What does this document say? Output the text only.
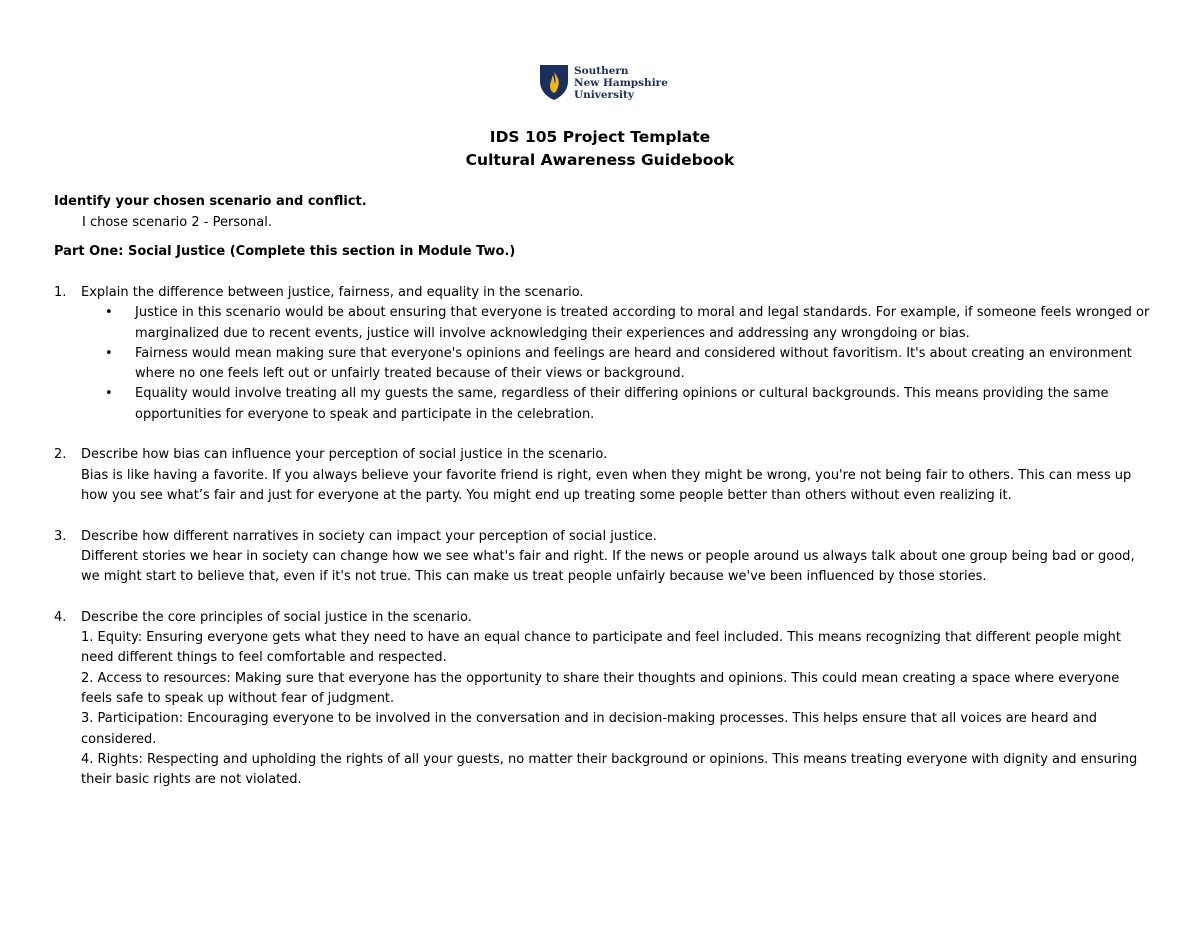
Southern
New Hampshire
University
IDS 105 Project Template
Cultural Awareness Guidebook
Identify your chosen scenario and conflict.
I chose scenario 2 - Personal.
Part One: Social Justice (Complete this section in Module Two.)
1. Explain the difference between justice, fairness, and equality in the scenario.
• Justice in this scenario would be about ensuring that everyone is treated according to moral and legal standards. For example, if someone feels wronged or marginalized due to recent events, justice will involve acknowledging their experiences and addressing any wrongdoing or bias.
• Fairness would mean making sure that everyone's opinions and feelings are heard and considered without favoritism. It's about creating an environment where no one feels left out or unfairly treated because of their views or background.
• Equality would involve treating all my guests the same, regardless of their differing opinions or cultural backgrounds. This means providing the same opportunities for everyone to speak and participate in the celebration.
2. Describe how bias can influence your perception of social justice in the scenario.
Bias is like having a favorite. If you always believe your favorite friend is right, even when they might be wrong, you're not being fair to others. This can mess up how you see what’s fair and just for everyone at the party. You might end up treating some people better than others without even realizing it.
3. Describe how different narratives in society can impact your perception of social justice.
Different stories we hear in society can change how we see what's fair and right. If the news or people around us always talk about one group being bad or good, we might start to believe that, even if it's not true. This can make us treat people unfairly because we've been influenced by those stories.
4. Describe the core principles of social justice in the scenario.
1. Equity: Ensuring everyone gets what they need to have an equal chance to participate and feel included. This means recognizing that different people might need different things to feel comfortable and respected.
2. Access to resources: Making sure that everyone has the opportunity to share their thoughts and opinions. This could mean creating a space where everyone feels safe to speak up without fear of judgment.
3. Participation: Encouraging everyone to be involved in the conversation and in decision-making processes. This helps ensure that all voices are heard and considered.
4. Rights: Respecting and upholding the rights of all your guests, no matter their background or opinions. This means treating everyone with dignity and ensuring their basic rights are not violated.
